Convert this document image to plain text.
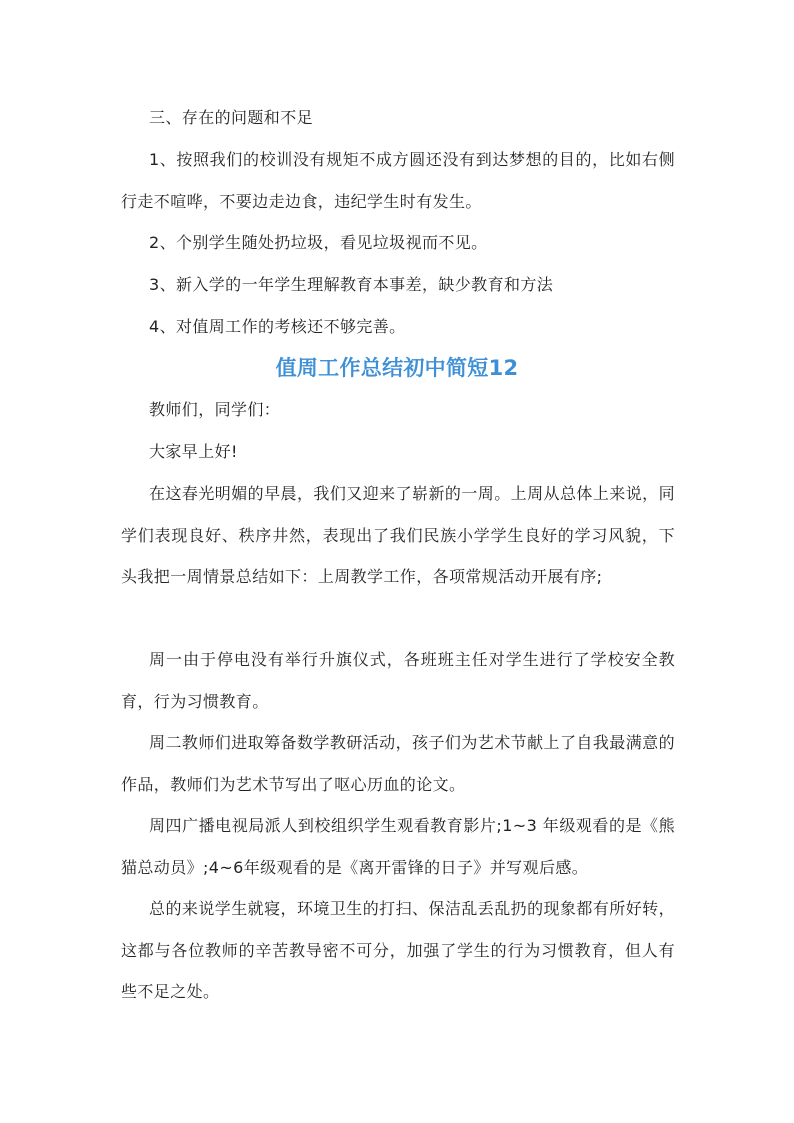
三、存在的问题和不足

1、按照我们的校训没有规矩不成方圆还没有到达梦想的目的，比如右侧行走不喧哗，不要边走边食，违纪学生时有发生。

2、个别学生随处扔垃圾，看见垃圾视而不见。

3、新入学的一年学生理解教育本事差，缺少教育和方法

4、对值周工作的考核还不够完善。

值周工作总结初中简短12

教师们，同学们：

大家早上好!

在这春光明媚的早晨，我们又迎来了崭新的一周。上周从总体上来说，同学们表现良好、秩序井然，表现出了我们民族小学学生良好的学习风貌，下头我把一周情景总结如下：上周教学工作，各项常规活动开展有序;

周一由于停电没有举行升旗仪式，各班班主任对学生进行了学校安全教育，行为习惯教育。

周二教师们进取筹备数学教研活动，孩子们为艺术节献上了自我最满意的作品，教师们为艺术节写出了呕心历血的论文。

周四广播电视局派人到校组织学生观看教育影片;1~3 年级观看的是《熊猫总动员》;4~6年级观看的是《离开雷锋的日子》并写观后感。

总的来说学生就寝，环境卫生的打扫、保洁乱丢乱扔的现象都有所好转，这都与各位教师的辛苦教导密不可分，加强了学生的行为习惯教育，但人有些不足之处。
